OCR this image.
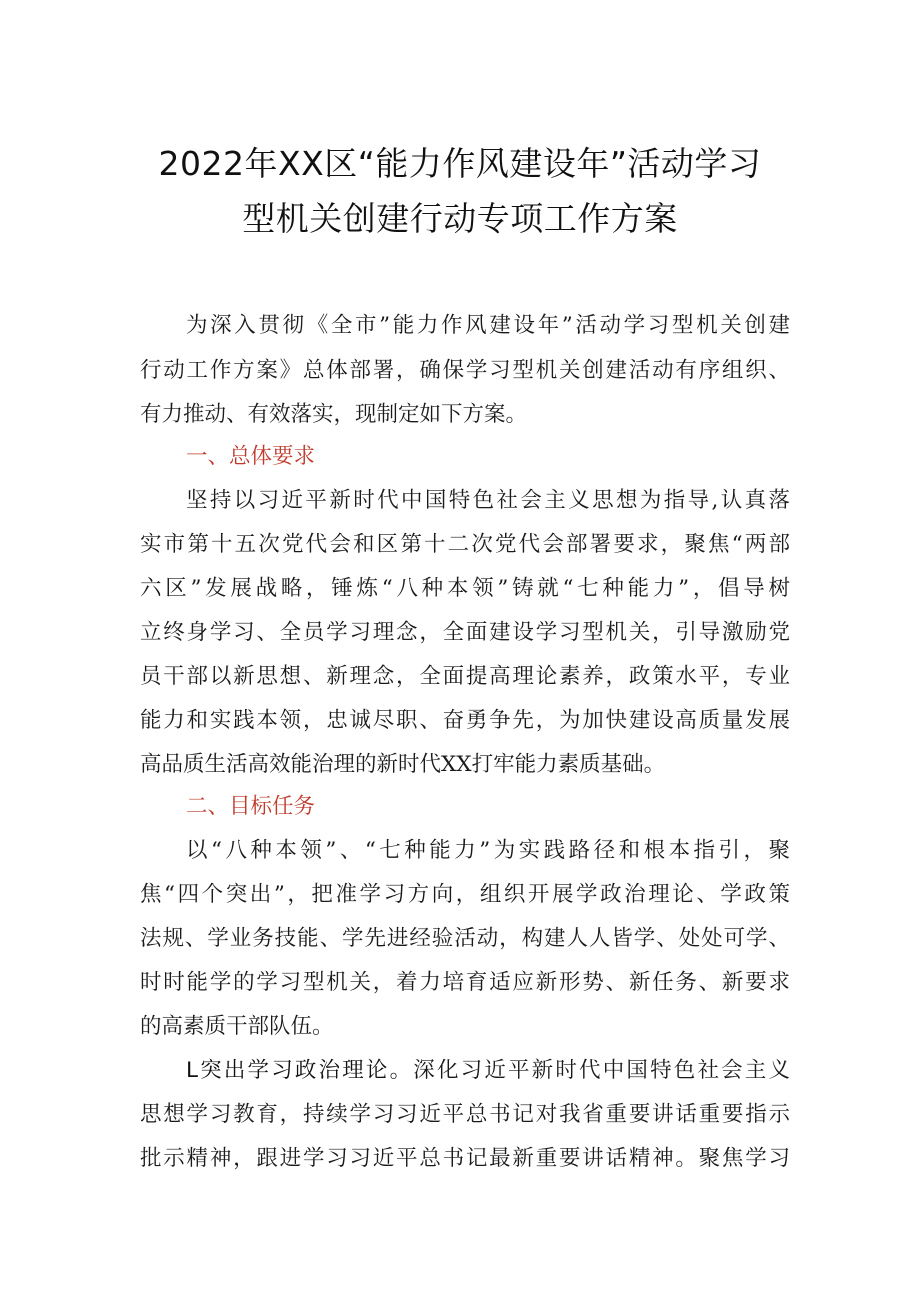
2022年XX区“能力作风建设年”活动学习
型机关创建行动专项工作方案
为深入贯彻《全市”能力作风建设年”活动学习型机关创建
行动工作方案》总体部署，确保学习型机关创建活动有序组织、
有力推动、有效落实，现制定如下方案。
一、总体要求
坚持以习近平新时代中国特色社会主义思想为指导,认真落
实市第十五次党代会和区第十二次党代会部署要求，聚焦“两部
六区”发展战略，锤炼“八种本领”铸就“七种能力”，倡导树
立终身学习、全员学习理念，全面建设学习型机关，引导激励党
员干部以新思想、新理念，全面提高理论素养，政策水平，专业
能力和实践本领，忠诚尽职、奋勇争先，为加快建设高质量发展
高品质生活高效能治理的新时代XX打牢能力素质基础。
二、目标任务
以“八种本领”、“七种能力”为实践路径和根本指引，聚
焦“四个突出”，把准学习方向，组织开展学政治理论、学政策
法规、学业务技能、学先进经验活动，构建人人皆学、处处可学、
时时能学的学习型机关，着力培育适应新形势、新任务、新要求
的高素质干部队伍。
L突出学习政治理论。深化习近平新时代中国特色社会主义
思想学习教育，持续学习习近平总书记对我省重要讲话重要指示
批示精神，跟进学习习近平总书记最新重要讲话精神。聚焦学习
